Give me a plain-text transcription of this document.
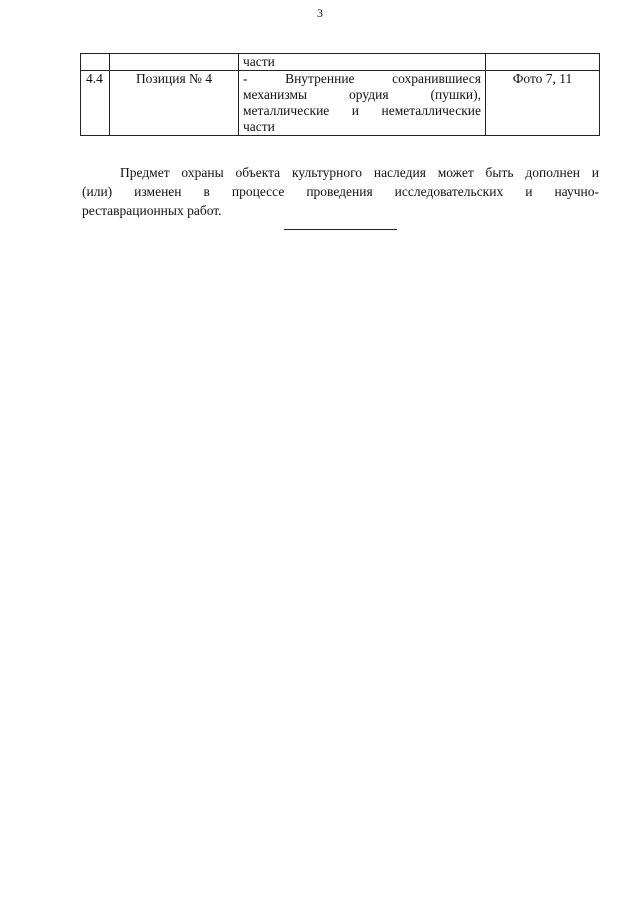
3
		части	
4.4	Позиция № 4	- Внутренние сохранившиеся
механизмы орудия (пушки),
металлические и неметаллические
части	Фото 7, 11
Предмет охраны объекта культурного наследия может быть дополнен и
(или) изменен в процессе проведения исследовательских и научно-
реставрационных работ.
